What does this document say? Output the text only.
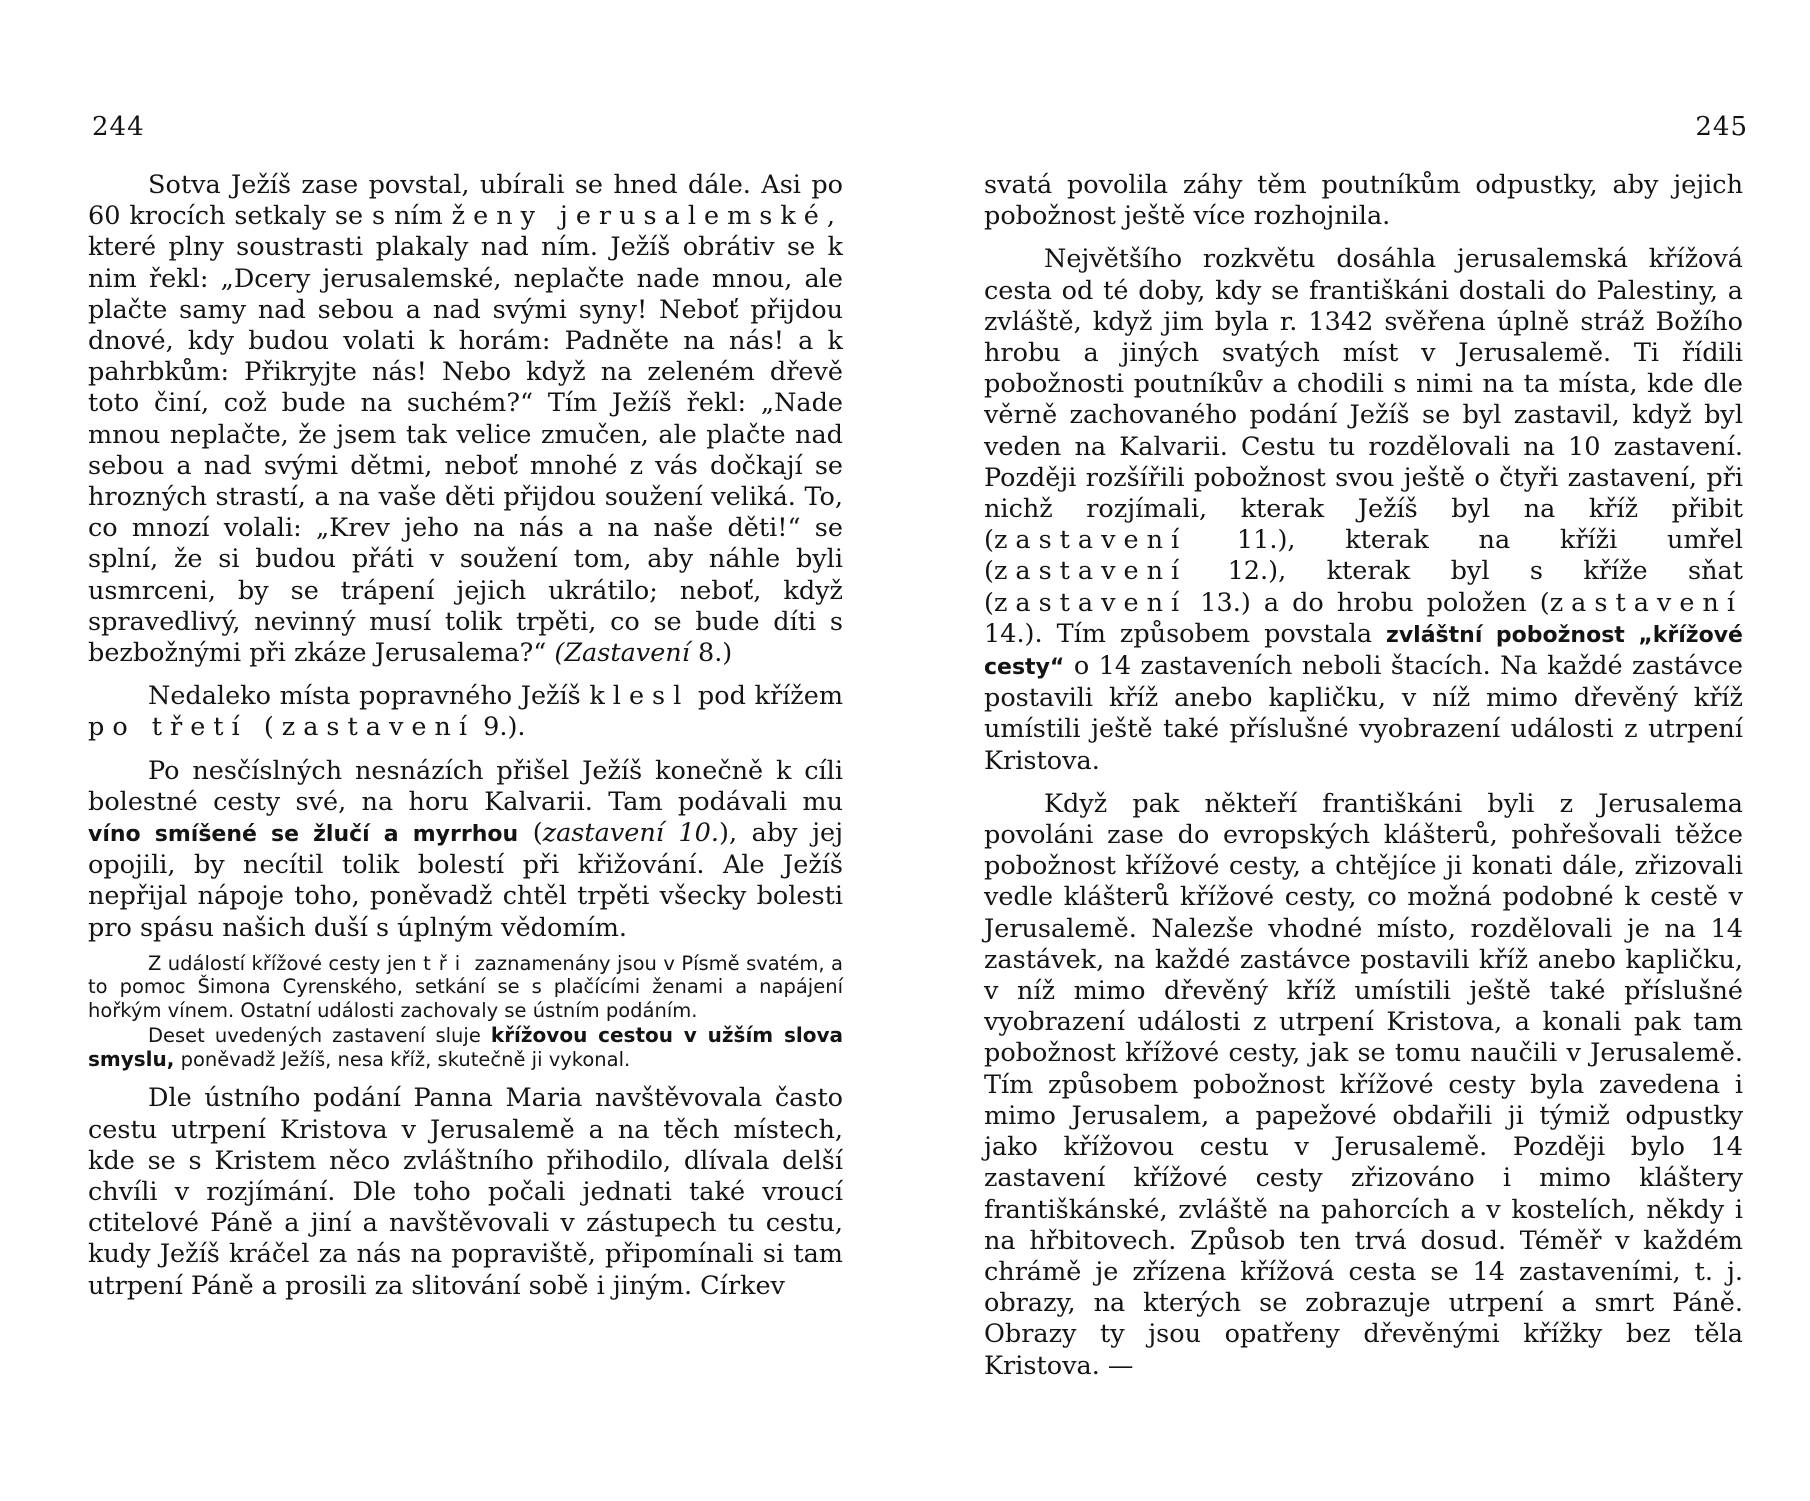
244

Sotva Ježíš zase povstal, ubírali se hned dále. Asi po 60 krocích setkaly se s ním ženy jerusalemské, které plny soustrasti plakaly nad ním. Ježíš obrátiv se k nim řekl: „Dcery jerusalemské, neplačte nade mnou, ale plačte samy nad sebou a nad svými syny! Neboť přijdou dnové, kdy budou volati k horám: Padněte na nás! a k pahrbkům: Přikryjte nás! Nebo když na zeleném dřevě toto činí, což bude na suchém?“ Tím Ježíš řekl: „Nade mnou neplačte, že jsem tak velice zmučen, ale plačte nad sebou a nad svými dětmi, neboť mnohé z vás dočkají se hrozných strastí, a na vaše děti přijdou soužení veliká. To, co mnozí volali: „Krev jeho na nás a na naše děti!“ se splní, že si budou přáti v soužení tom, aby náhle byli usmrceni, by se trápení jejich ukrátilo; neboť, když spravedlivý, nevinný musí tolik trpěti, co se bude díti s bezbožnými při zkáze Jerusalema?“ (Zastavení 8.)

Nedaleko místa popravného Ježíš klesl pod křížem po třetí (zastavení 9.).

Po nesčíslných nesnázích přišel Ježíš konečně k cíli bolestné cesty své, na horu Kalvarii. Tam podávali mu víno smíšené se žlučí a myrrhou (zastavení 10.), aby jej opojili, by necítil tolik bolestí při křižování. Ale Ježíš nepřijal nápoje toho, poněvadž chtěl trpěti všecky bolesti pro spásu našich duší s úplným vědomím.

Z událostí křížové cesty jen tři zaznamenány jsou v Písmě svatém, a to pomoc Šimona Cyrenského, setkání se s plačícími ženami a napájení hořkým vínem. Ostatní události zachovaly se ústním podáním.

Deset uvedených zastavení sluje křížovou cestou v užším slova smyslu, poněvadž Ježíš, nesa kříž, skutečně ji vykonal.

Dle ústního podání Panna Maria navštěvovala často cestu utrpení Kristova v Jerusalemě a na těch místech, kde se s Kristem něco zvláštního přihodilo, dlívala delší chvíli v rozjímání. Dle toho počali jednati také vroucí ctitelové Páně a jiní a navštěvovali v zástupech tu cestu, kudy Ježíš kráčel za nás na popraviště, připomínali si tam utrpení Páně a prosili za slitování sobě i jiným. Církev

245

svatá povolila záhy těm poutníkům odpustky, aby jejich pobožnost ještě více rozhojnila.

Největšího rozkvětu dosáhla jerusalemská křížová cesta od té doby, kdy se františkáni dostali do Palestiny, a zvláště, když jim byla r. 1342 svěřena úplně stráž Božího hrobu a jiných svatých míst v Jerusalemě. Ti řídili pobožnosti poutníkův a chodili s nimi na ta místa, kde dle věrně zachovaného podání Ježíš se byl zastavil, když byl veden na Kalvarii. Cestu tu rozdělovali na 10 zastavení. Později rozšířili pobožnost svou ještě o čtyři zastavení, při nichž rozjímali, kterak Ježíš byl na kříž přibit (zastavení 11.), kterak na kříži umřel (zastavení 12.), kterak byl s kříže sňat (zastavení 13.) a do hrobu položen (zastavení 14.). Tím způsobem povstala zvláštní pobožnost „křížové cesty“ o 14 zastaveních neboli štacích. Na každé zastávce postavili kříž anebo kapličku, v níž mimo dřevěný kříž umístili ještě také příslušné vyobrazení události z utrpení Kristova.

Když pak někteří františkáni byli z Jerusalema povoláni zase do evropských klášterů, pohřešovali těžce pobožnost křížové cesty, a chtějíce ji konati dále, zřizovali vedle klášterů křížové cesty, co možná podobné k cestě v Jerusalemě. Nalezše vhodné místo, rozdělovali je na 14 zastávek, na každé zastávce postavili kříž anebo kapličku, v níž mimo dřevěný kříž umístili ještě také příslušné vyobrazení události z utrpení Kristova, a konali pak tam pobožnost křížové cesty, jak se tomu naučili v Jerusalemě. Tím způsobem pobožnost křížové cesty byla zavedena i mimo Jerusalem, a papežové obdařili ji týmiž odpustky jako křížovou cestu v Jerusalemě. Později bylo 14 zastavení křížové cesty zřizováno i mimo kláštery františkánské, zvláště na pahorcích a v kostelích, někdy i na hřbitovech. Způsob ten trvá dosud. Téměř v každém chrámě je zřízena křížová cesta se 14 zastaveními, t. j. obrazy, na kterých se zobrazuje utrpení a smrt Páně. Obrazy ty jsou opatřeny dřevěnými křížky bez těla Kristova. —
